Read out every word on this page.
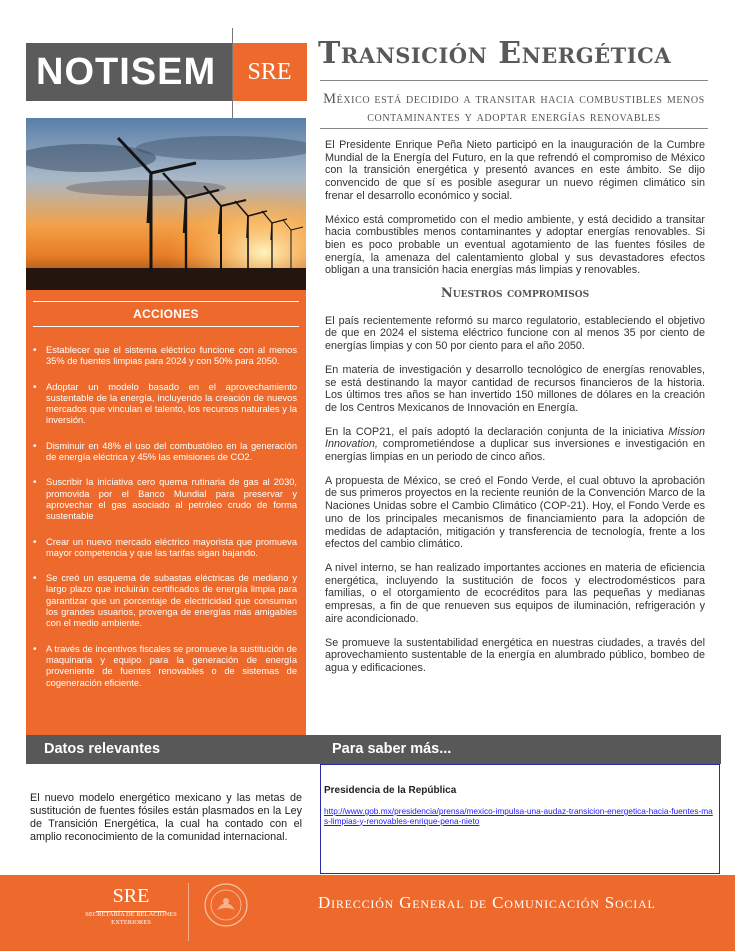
NOTISEM	SRE
Transición Energética
México está decidido a transitar hacia combustibles menos contaminantes y adoptar energías renovables
ACCIONES
• Establecer que el sistema eléctrico funcione con al menos 35% de fuentes limpias para 2024 y con 50% para 2050.
• Adoptar un modelo basado en el aprovechamiento sustentable de la energía, incluyendo la creación de nuevos mercados que vinculan el talento, los recursos naturales y la inversión.
• Disminuir en 48% el uso del combustóleo en la generación de energía eléctrica y 45% las emisiones de CO2.
• Suscribir la iniciativa cero quema rutinaria de gas al 2030, promovida por el Banco Mundial para preservar y aprovechar el gas asociado al petróleo crudo de forma sustentable
• Crear un nuevo mercado eléctrico mayorista que promueva mayor competencia y que las tarifas sigan bajando.
• Se creó un esquema de subastas eléctricas de mediano y largo plazo que incluirán certificados de energía limpia para garantizar que un porcentaje de electricidad que consuman los grandes usuarios, provenga de energías más amigables con el medio ambiente.
• A través de incentivos fiscales se promueve la sustitución de maquinaria y equipo para la generación de energía proveniente de fuentes renovables o de sistemas de cogeneración eficiente.

El Presidente Enrique Peña Nieto participó en la inauguración de la Cumbre Mundial de la Energía del Futuro, en la que refrendó el compromiso de México con la transición energética y presentó avances en este ámbito. Se dijo convencido de que sí es posible asegurar un nuevo régimen climático sin frenar el desarrollo económico y social.

México está comprometido con el medio ambiente, y está decidido a transitar hacia combustibles menos contaminantes y adoptar energías renovables. Si bien es poco probable un eventual agotamiento de las fuentes fósiles de energía, la amenaza del calentamiento global y sus devastadores efectos obligan a una transición hacia energías más limpias y renovables.

Nuestros compromisos

El país recientemente reformó su marco regulatorio, estableciendo el objetivo de que en 2024 el sistema eléctrico funcione con al menos 35 por ciento de energías limpias y con 50 por ciento para el año 2050.

En materia de investigación y desarrollo tecnológico de energías renovables, se está destinando la mayor cantidad de recursos financieros de la historia. Los últimos tres años se han invertido 150 millones de dólares en la creación de los Centros Mexicanos de Innovación en Energía.

En la COP21, el país adoptó la declaración conjunta de la iniciativa Mission Innovation, comprometiéndose a duplicar sus inversiones e investigación en energías limpias en un periodo de cinco años.

A propuesta de México, se creó el Fondo Verde, el cual obtuvo la aprobación de sus primeros proyectos en la reciente reunión de la Convención Marco de la Naciones Unidas sobre el Cambio Climático (COP-21). Hoy, el Fondo Verde es uno de los principales mecanismos de financiamiento para la adopción de medidas de adaptación, mitigación y transferencia de tecnología, frente a los efectos del cambio climático.

A nivel interno, se han realizado importantes acciones en materia de eficiencia energética, incluyendo la sustitución de focos y electrodomésticos para familias, o el otorgamiento de ecocréditos para las pequeñas y medianas empresas, a fin de que renueven sus equipos de iluminación, refrigeración y aire acondicionado.

Se promueve la sustentabilidad energética en nuestras ciudades, a través del aprovechamiento sustentable de la energía en alumbrado público, bombeo de agua y edificaciones.

Datos relevantes	Para saber más...
El nuevo modelo energético mexicano y las metas de sustitución de fuentes fósiles están plasmados en la Ley de Transición Energética, la cual ha contado con el amplio reconocimiento de la comunidad internacional.
Presidencia de la República
http://www.gob.mx/presidencia/prensa/mexico-impulsa-una-audaz-transicion-energetica-hacia-fuentes-mas-limpias-y-renovables-enrique-pena-nieto
SRE
SECRETARÍA DE RELACIONES EXTERIORES
Dirección General de Comunicación Social
